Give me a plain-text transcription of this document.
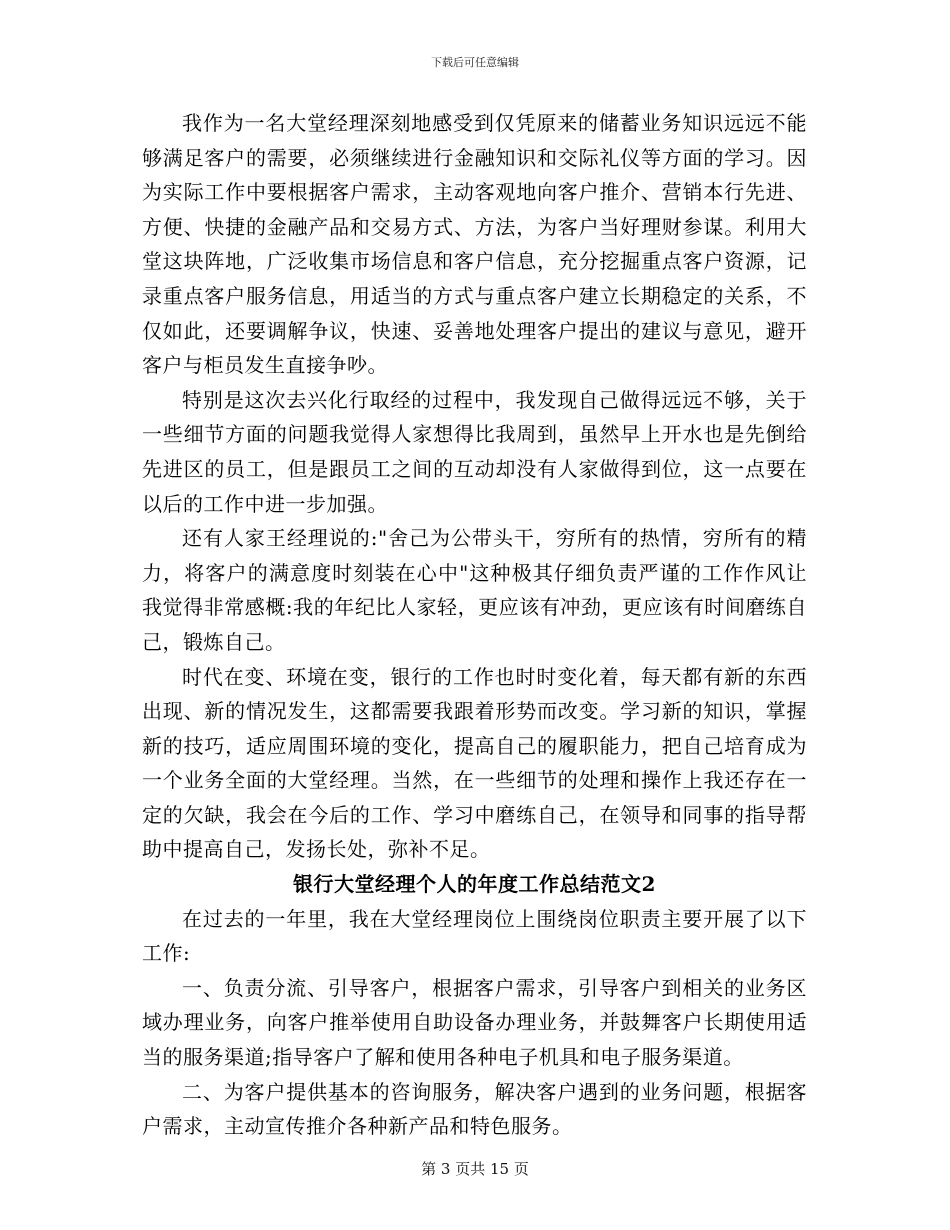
下载后可任意编辑

我作为一名大堂经理深刻地感受到仅凭原来的储蓄业务知识远远不能够满足客户的需要，必须继续进行金融知识和交际礼仪等方面的学习。因为实际工作中要根据客户需求，主动客观地向客户推介、营销本行先进、方便、快捷的金融产品和交易方式、方法，为客户当好理财参谋。利用大堂这块阵地，广泛收集市场信息和客户信息，充分挖掘重点客户资源，记录重点客户服务信息，用适当的方式与重点客户建立长期稳定的关系，不仅如此，还要调解争议，快速、妥善地处理客户提出的建议与意见，避开客户与柜员发生直接争吵。

特别是这次去兴化行取经的过程中，我发现自己做得远远不够，关于一些细节方面的问题我觉得人家想得比我周到，虽然早上开水也是先倒给先进区的员工，但是跟员工之间的互动却没有人家做得到位，这一点要在以后的工作中进一步加强。

还有人家王经理说的:"舍己为公带头干，穷所有的热情，穷所有的精力，将客户的满意度时刻装在心中"这种极其仔细负责严谨的工作作风让我觉得非常感概:我的年纪比人家轻，更应该有冲劲，更应该有时间磨练自己，锻炼自己。

时代在变、环境在变，银行的工作也时时变化着，每天都有新的东西出现、新的情况发生，这都需要我跟着形势而改变。学习新的知识，掌握新的技巧，适应周围环境的变化，提高自己的履职能力，把自己培育成为一个业务全面的大堂经理。当然，在一些细节的处理和操作上我还存在一定的欠缺，我会在今后的工作、学习中磨练自己，在领导和同事的指导帮助中提高自己，发扬长处，弥补不足。

银行大堂经理个人的年度工作总结范文2

在过去的一年里，我在大堂经理岗位上围绕岗位职责主要开展了以下工作:

一、负责分流、引导客户，根据客户需求，引导客户到相关的业务区域办理业务，向客户推举使用自助设备办理业务，并鼓舞客户长期使用适当的服务渠道;指导客户了解和使用各种电子机具和电子服务渠道。

二、为客户提供基本的咨询服务，解决客户遇到的业务问题，根据客户需求，主动宣传推介各种新产品和特色服务。

第 3 页共 15 页
